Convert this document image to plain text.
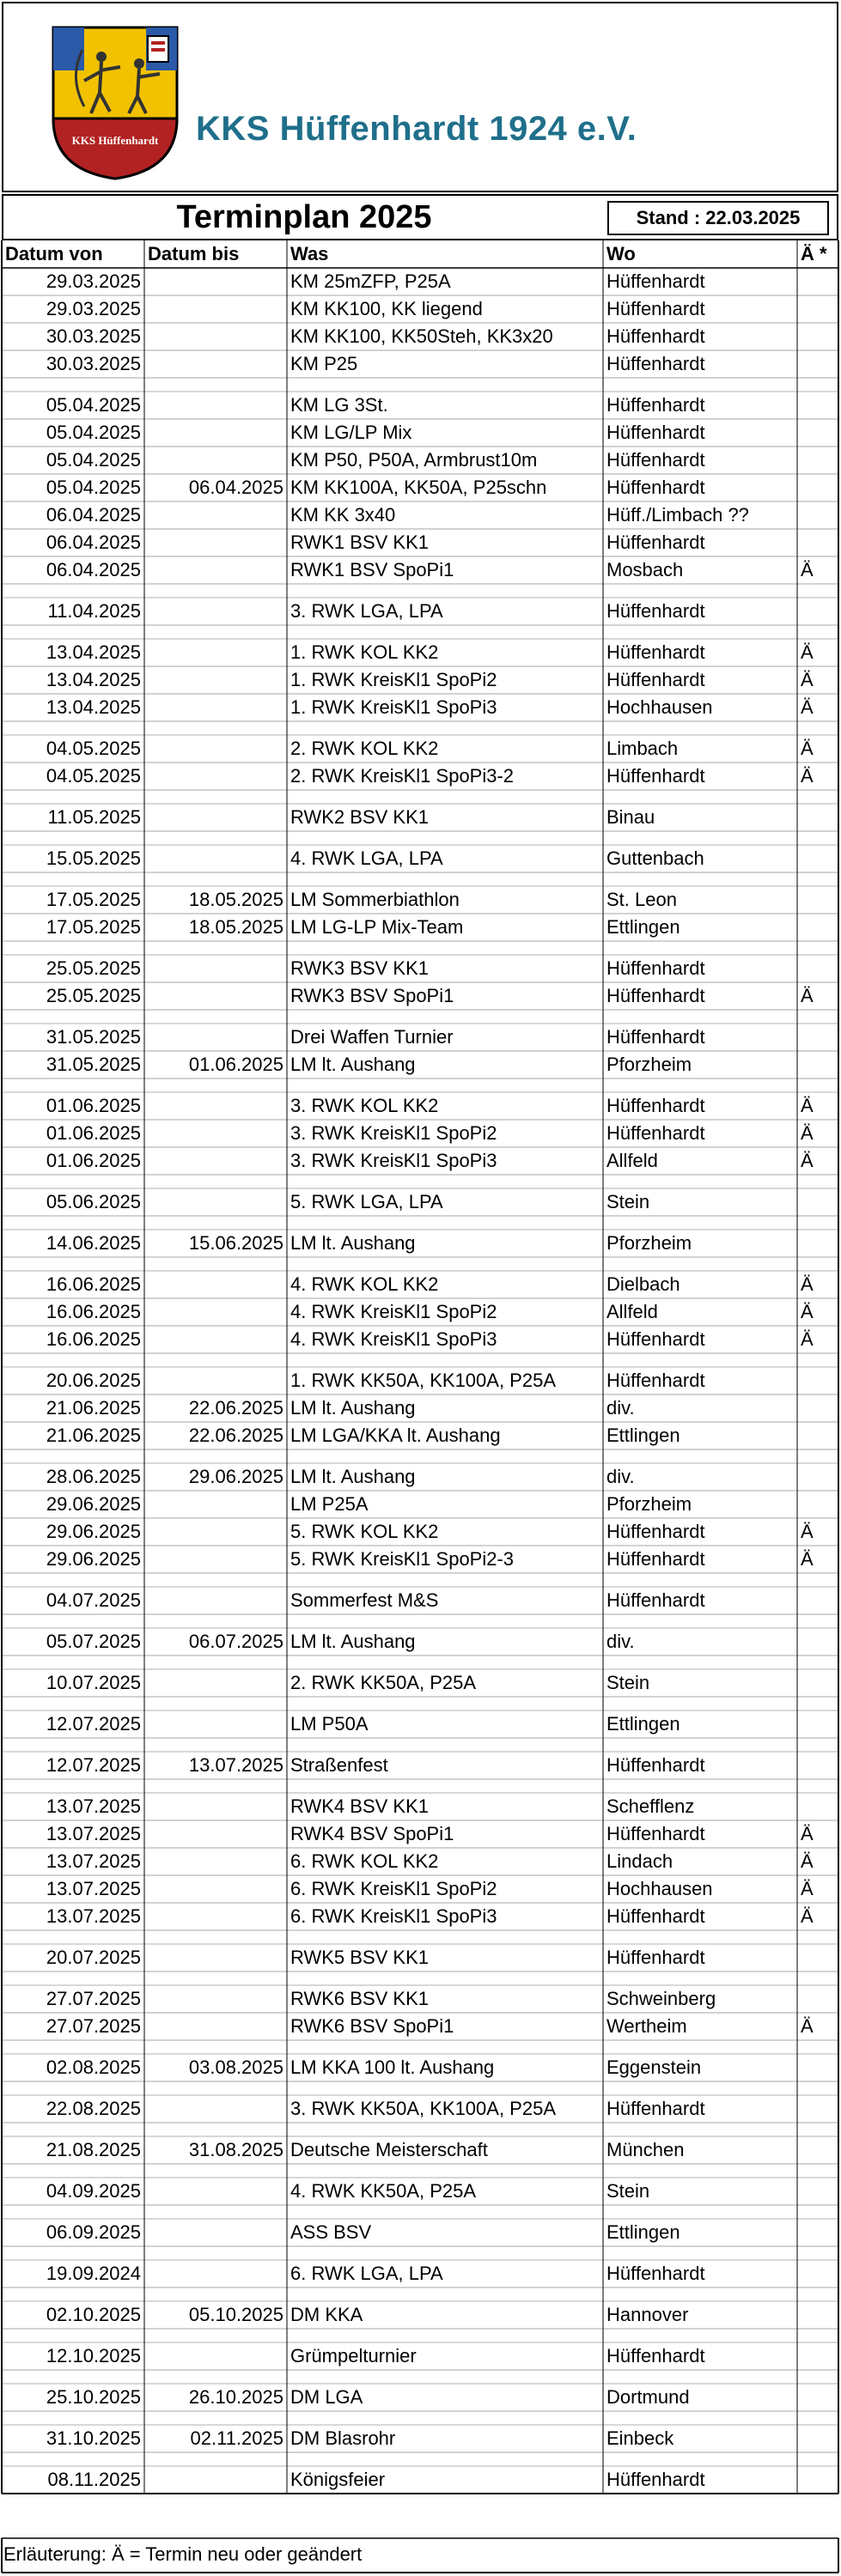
KKS Hüffenhardt KKS Hüffenhardt 1924 e.V.
Terminplan 2025	Stand : 22.03.2025
Datum von	Datum bis	Was	Wo	Ä *
29.03.2025	KM 25mZFP, P25A	Hüffenhardt
29.03.2025	KM KK100, KK liegend	Hüffenhardt
30.03.2025	KM KK100, KK50Steh, KK3x20	Hüffenhardt
30.03.2025	KM P25	Hüffenhardt
05.04.2025	KM LG 3St.	Hüffenhardt
05.04.2025	KM LG/LP Mix	Hüffenhardt
05.04.2025	KM P50, P50A, Armbrust10m	Hüffenhardt
05.04.2025	06.04.2025 KM KK100A, KK50A, P25schn	Hüffenhardt
06.04.2025	KM KK 3x40	Hüff./Limbach ??
06.04.2025	RWK1 BSV KK1	Hüffenhardt
06.04.2025	RWK1 BSV SpoPi1	Mosbach	Ä
11.04.2025	3. RWK LGA, LPA	Hüffenhardt
13.04.2025	1. RWK KOL KK2	Hüffenhardt	Ä
13.04.2025	1. RWK KreisKl1 SpoPi2	Hüffenhardt	Ä
13.04.2025	1. RWK KreisKl1 SpoPi3	Hochhausen	Ä
04.05.2025	2. RWK KOL KK2	Limbach	Ä
04.05.2025	2. RWK KreisKl1 SpoPi3-2	Hüffenhardt	Ä
11.05.2025	RWK2 BSV KK1	Binau
15.05.2025	4. RWK LGA, LPA	Guttenbach
17.05.2025	18.05.2025 LM Sommerbiathlon	St. Leon
17.05.2025	18.05.2025 LM LG-LP Mix-Team	Ettlingen
25.05.2025	RWK3 BSV KK1	Hüffenhardt
25.05.2025	RWK3 BSV SpoPi1	Hüffenhardt	Ä
31.05.2025	Drei Waffen Turnier	Hüffenhardt
31.05.2025	01.06.2025 LM lt. Aushang	Pforzheim
01.06.2025	3. RWK KOL KK2	Hüffenhardt	Ä
01.06.2025	3. RWK KreisKl1 SpoPi2	Hüffenhardt	Ä
01.06.2025	3. RWK KreisKl1 SpoPi3	Allfeld	Ä
05.06.2025	5. RWK LGA, LPA	Stein
14.06.2025	15.06.2025 LM lt. Aushang	Pforzheim
16.06.2025	4. RWK KOL KK2	Dielbach	Ä
16.06.2025	4. RWK KreisKl1 SpoPi2	Allfeld	Ä
16.06.2025	4. RWK KreisKl1 SpoPi3	Hüffenhardt	Ä
20.06.2025	1. RWK KK50A, KK100A, P25A	Hüffenhardt
21.06.2025	22.06.2025 LM lt. Aushang	div.
21.06.2025	22.06.2025 LM LGA/KKA lt. Aushang	Ettlingen
28.06.2025	29.06.2025 LM lt. Aushang	div.
29.06.2025	LM P25A	Pforzheim
29.06.2025	5. RWK KOL KK2	Hüffenhardt	Ä
29.06.2025	5. RWK KreisKl1 SpoPi2-3	Hüffenhardt	Ä
04.07.2025	Sommerfest M&S	Hüffenhardt
05.07.2025	06.07.2025 LM lt. Aushang	div.
10.07.2025	2. RWK KK50A, P25A	Stein
12.07.2025	LM P50A	Ettlingen
12.07.2025	13.07.2025 Straßenfest	Hüffenhardt
13.07.2025	RWK4 BSV KK1	Schefflenz
13.07.2025	RWK4 BSV SpoPi1	Hüffenhardt	Ä
13.07.2025	6. RWK KOL KK2	Lindach	Ä
13.07.2025	6. RWK KreisKl1 SpoPi2	Hochhausen	Ä
13.07.2025	6. RWK KreisKl1 SpoPi3	Hüffenhardt	Ä
20.07.2025	RWK5 BSV KK1	Hüffenhardt
27.07.2025	RWK6 BSV KK1	Schweinberg
27.07.2025	RWK6 BSV SpoPi1	Wertheim	Ä
02.08.2025	03.08.2025 LM KKA 100 lt. Aushang	Eggenstein
22.08.2025	3. RWK KK50A, KK100A, P25A	Hüffenhardt
21.08.2025	31.08.2025 Deutsche Meisterschaft	München
04.09.2025	4. RWK KK50A, P25A	Stein
06.09.2025	ASS BSV	Ettlingen
19.09.2024	6. RWK LGA, LPA	Hüffenhardt
02.10.2025	05.10.2025 DM KKA	Hannover
12.10.2025	Grümpelturnier	Hüffenhardt
25.10.2025	26.10.2025 DM LGA	Dortmund
31.10.2025	02.11.2025 DM Blasrohr	Einbeck
08.11.2025	Königsfeier	Hüffenhardt
Erläuterung: Ä = Termin neu oder geändert
